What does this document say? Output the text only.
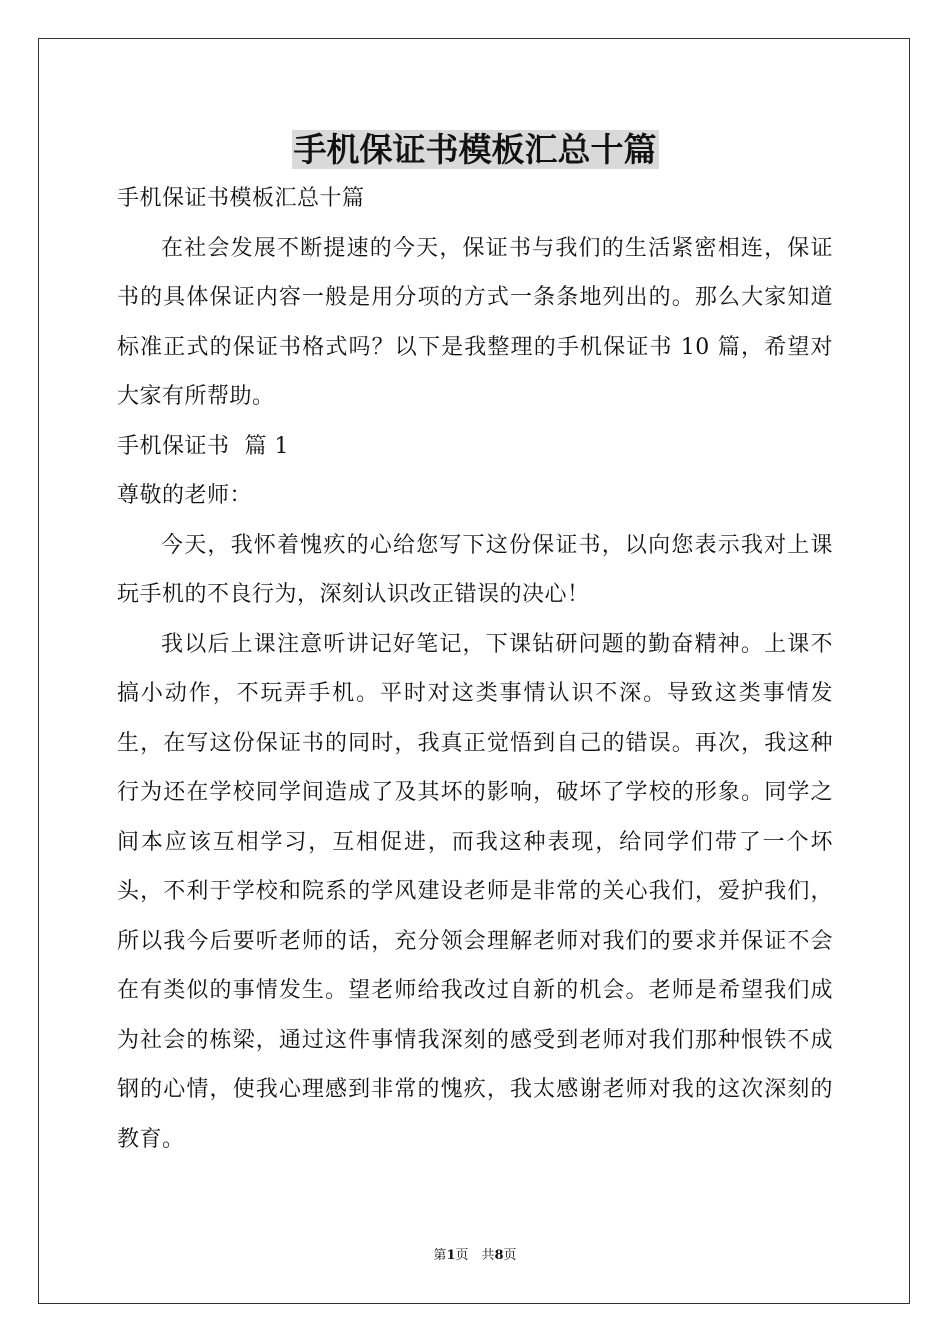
手机保证书模板汇总十篇

手机保证书模板汇总十篇

在社会发展不断提速的今天，保证书与我们的生活紧密相连，保证书的具体保证内容一般是用分项的方式一条条地列出的。那么大家知道标准正式的保证书格式吗？以下是我整理的手机保证书 10 篇，希望对大家有所帮助。

手机保证书  篇 1

尊敬的老师：

今天，我怀着愧疚的心给您写下这份保证书，以向您表示我对上课玩手机的不良行为，深刻认识改正错误的决心！

我以后上课注意听讲记好笔记，下课钻研问题的勤奋精神。上课不搞小动作，不玩弄手机。平时对这类事情认识不深。导致这类事情发生，在写这份保证书的同时，我真正觉悟到自己的错误。再次，我这种行为还在学校同学间造成了及其坏的影响，破坏了学校的形象。同学之间本应该互相学习，互相促进，而我这种表现，给同学们带了一个坏头，不利于学校和院系的学风建设老师是非常的关心我们，爱护我们，所以我今后要听老师的话，充分领会理解老师对我们的要求并保证不会在有类似的事情发生。望老师给我改过自新的机会。老师是希望我们成为社会的栋梁，通过这件事情我深刻的感受到老师对我们那种恨铁不成钢的心情，使我心理感到非常的愧疚，我太感谢老师对我的这次深刻的教育。

第1页　共8页
